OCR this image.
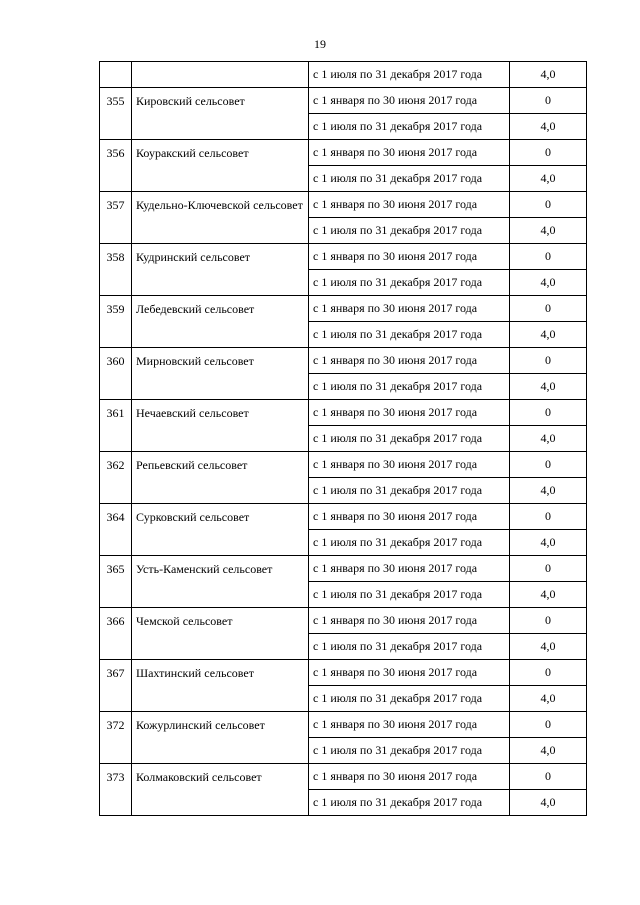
19
		с 1 июля по 31 декабря 2017 года	4,0
355	Кировский сельсовет	с 1 января по 30 июня 2017 года	0
		с 1 июля по 31 декабря 2017 года	4,0
356	Коуракский сельсовет	с 1 января по 30 июня 2017 года	0
		с 1 июля по 31 декабря 2017 года	4,0
357	Кудельно-Ключевской сельсовет	с 1 января по 30 июня 2017 года	0
		с 1 июля по 31 декабря 2017 года	4,0
358	Кудринский сельсовет	с 1 января по 30 июня 2017 года	0
		с 1 июля по 31 декабря 2017 года	4,0
359	Лебедевский сельсовет	с 1 января по 30 июня 2017 года	0
		с 1 июля по 31 декабря 2017 года	4,0
360	Мирновский сельсовет	с 1 января по 30 июня 2017 года	0
		с 1 июля по 31 декабря 2017 года	4,0
361	Нечаевский сельсовет	с 1 января по 30 июня 2017 года	0
		с 1 июля по 31 декабря 2017 года	4,0
362	Репьевский сельсовет	с 1 января по 30 июня 2017 года	0
		с 1 июля по 31 декабря 2017 года	4,0
364	Сурковский сельсовет	с 1 января по 30 июня 2017 года	0
		с 1 июля по 31 декабря 2017 года	4,0
365	Усть-Каменский сельсовет	с 1 января по 30 июня 2017 года	0
		с 1 июля по 31 декабря 2017 года	4,0
366	Чемской сельсовет	с 1 января по 30 июня 2017 года	0
		с 1 июля по 31 декабря 2017 года	4,0
367	Шахтинский сельсовет	с 1 января по 30 июня 2017 года	0
		с 1 июля по 31 декабря 2017 года	4,0
372	Кожурлинский сельсовет	с 1 января по 30 июня 2017 года	0
		с 1 июля по 31 декабря 2017 года	4,0
373	Колмаковский сельсовет	с 1 января по 30 июня 2017 года	0
		с 1 июля по 31 декабря 2017 года	4,0
